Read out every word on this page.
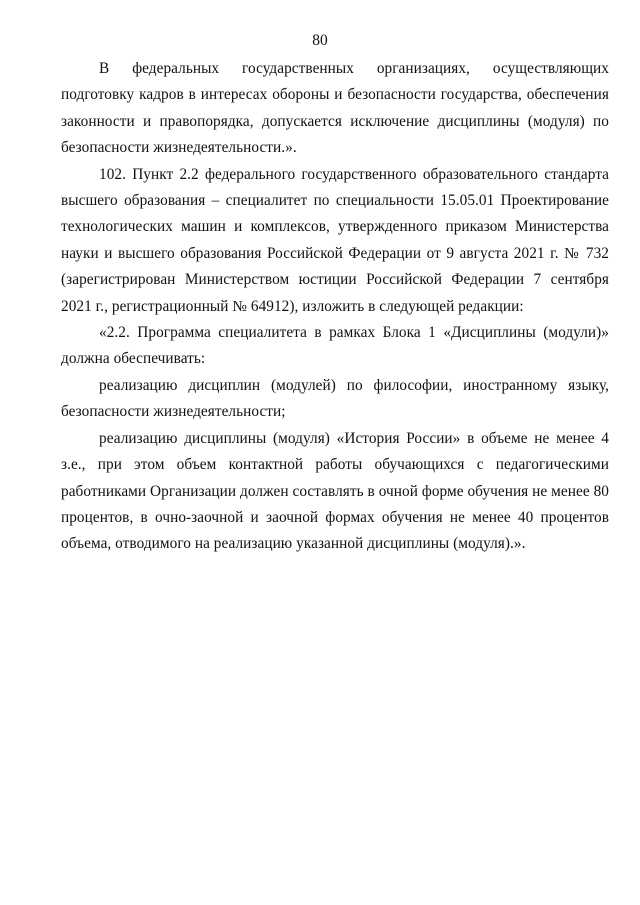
80

В федеральных государственных организациях, осуществляющих подготовку кадров в интересах обороны и безопасности государства, обеспечения законности и правопорядка, допускается исключение дисциплины (модуля) по безопасности жизнедеятельности.».

102. Пункт 2.2 федерального государственного образовательного стандарта высшего образования – специалитет по специальности 15.05.01 Проектирование технологических машин и комплексов, утвержденного приказом Министерства науки и высшего образования Российской Федерации от 9 августа 2021 г. № 732 (зарегистрирован Министерством юстиции Российской Федерации 7 сентября 2021 г., регистрационный № 64912), изложить в следующей редакции:

«2.2. Программа специалитета в рамках Блока 1 «Дисциплины (модули)» должна обеспечивать:

реализацию дисциплин (модулей) по философии, иностранному языку, безопасности жизнедеятельности;

реализацию дисциплины (модуля) «История России» в объеме не менее 4 з.е., при этом объем контактной работы обучающихся с педагогическими работниками Организации должен составлять в очной форме обучения не менее 80 процентов, в очно-заочной и заочной формах обучения не менее 40 процентов объема, отводимого на реализацию указанной дисциплины (модуля).».
